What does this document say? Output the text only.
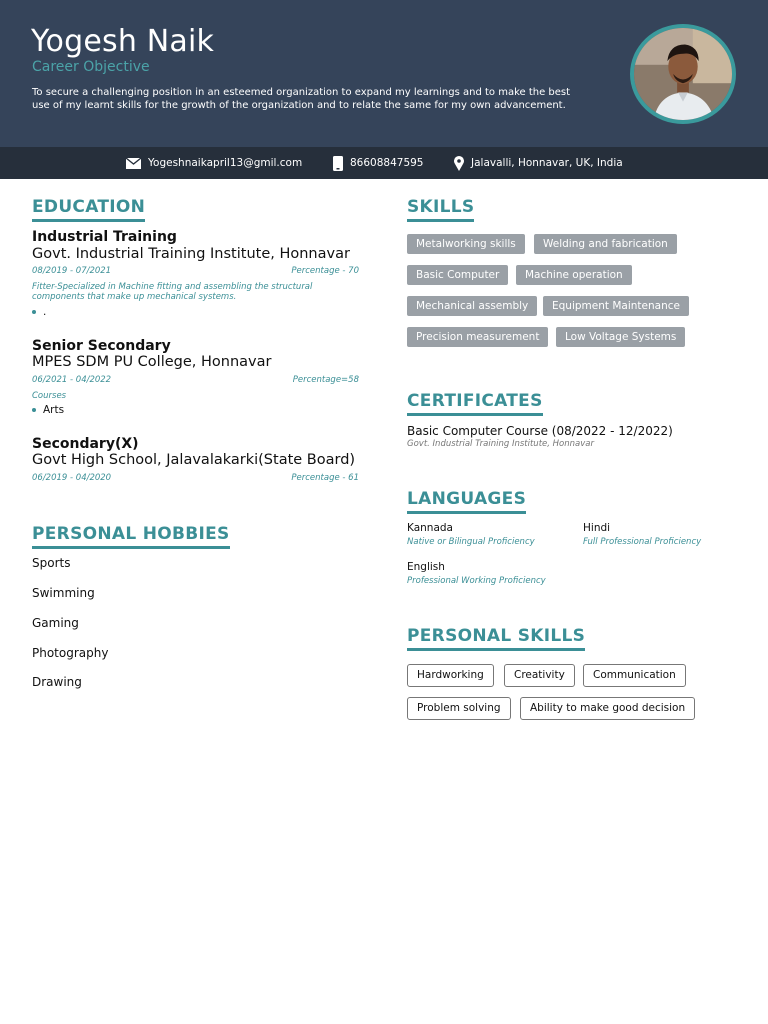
Yogesh Naik
Career Objective
To secure a challenging position in an esteemed organization to expand my learnings and to make the best use of my learnt skills for the growth of the organization and to relate the same for my own advancement.
Yogeshnaikapril13@gmil.com	86608847595	Jalavalli, Honnavar, UK, India
EDUCATION
Industrial Training
Govt. Industrial Training Institute, Honnavar
08/2019 - 07/2021	Percentage - 70
Fitter-Specialized in Machine fitting and assembling the structural components that make up mechanical systems.
.
Senior Secondary
MPES SDM PU College, Honnavar
06/2021 - 04/2022	Percentage=58
Courses
Arts
Secondary(X)
Govt High School, Jalavalakarki(State Board)
06/2019 - 04/2020	Percentage - 61
PERSONAL HOBBIES
Sports
Swimming
Gaming
Photography
Drawing
SKILLS
Metalworking skills	Welding and fabrication
Basic Computer	Machine operation
Mechanical assembly	Equipment Maintenance
Precision measurement	Low Voltage Systems
CERTIFICATES
Basic Computer Course (08/2022 - 12/2022)
Govt. Industrial Training Institute, Honnavar
LANGUAGES
Kannada
Native or Bilingual Proficiency
Hindi
Full Professional Proficiency
English
Professional Working Proficiency
PERSONAL SKILLS
Hardworking	Creativity	Communication
Problem solving	Ability to make good decision
